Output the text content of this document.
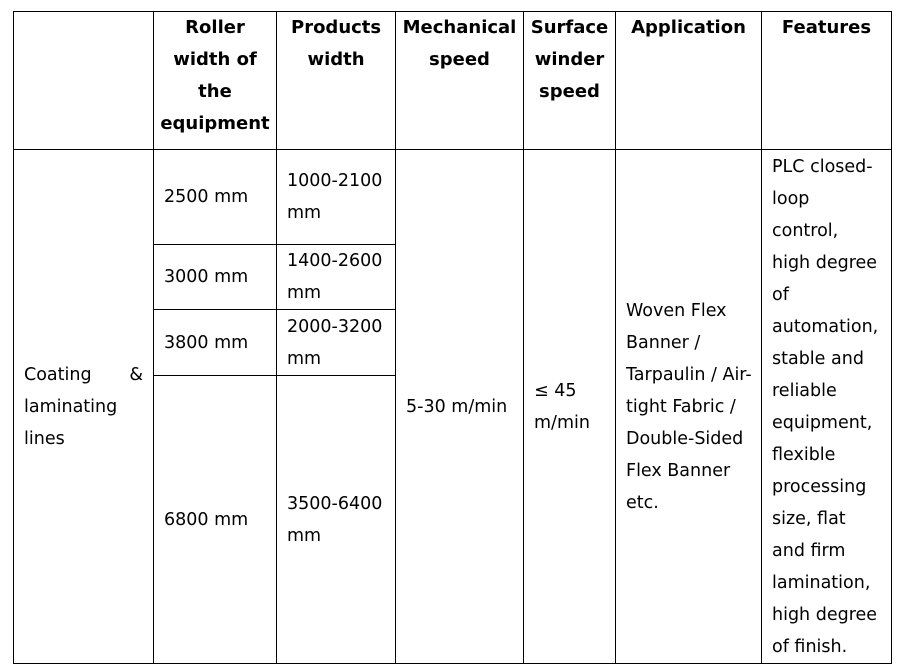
	Roller width of the equipment	Products width	Mechanical speed	Surface winder speed	Application	Features

Coating & laminating lines	2500 mm	1000-2100 mm	5-30 m/min	≤ 45 m/min	Woven Flex Banner / Tarpaulin / Air-tight Fabric / Double-Sided Flex Banner etc.	PLC closed-loop control, high degree of automation, stable and reliable equipment, flexible processing size, flat and firm lamination, high degree of finish.
	3000 mm	1400-2600 mm				
	3800 mm	2000-3200 mm				
	6800 mm	3500-6400 mm				
